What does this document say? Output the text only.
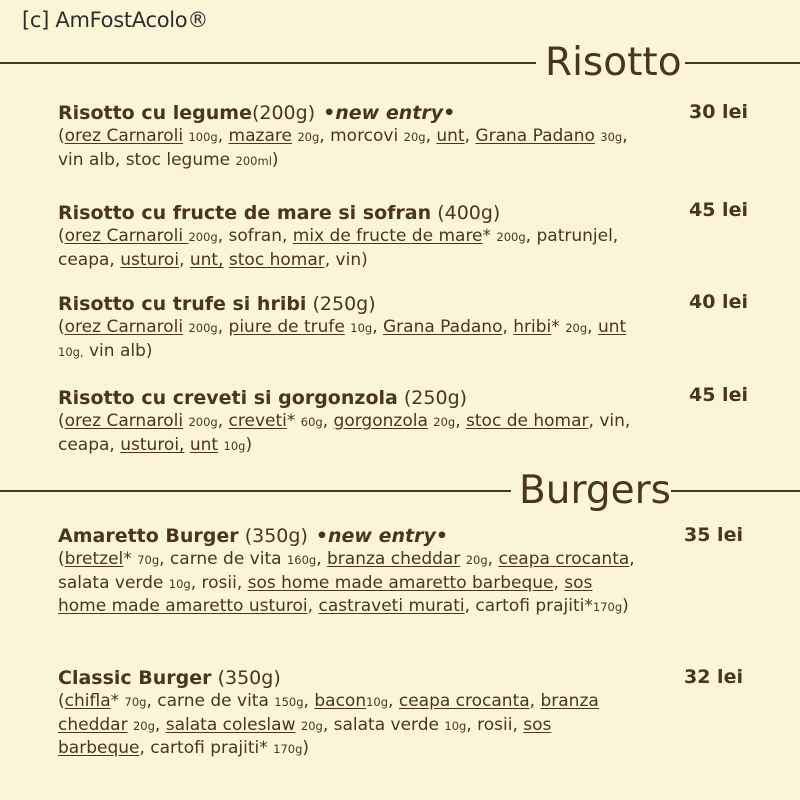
[c] AmFostAcolo®
Risotto
Risotto cu legume(200g) •new entry•
(orez Carnaroli 100g, mazare 20g, morcovi 20g, unt, Grana Padano 30g, vin alb, stoc legume 200ml)
30 lei
Risotto cu fructe de mare si sofran (400g)
(orez Carnaroli 200g, sofran, mix de fructe de mare* 200g, patrunjel, ceapa, usturoi, unt, stoc homar, vin)
45 lei
Risotto cu trufe si hribi (250g)
(orez Carnaroli 200g, piure de trufe 10g, Grana Padano, hribi* 20g, unt 10g, vin alb)
40 lei
Risotto cu creveti si gorgonzola (250g)
(orez Carnaroli 200g, creveti* 60g, gorgonzola 20g, stoc de homar, vin, ceapa, usturoi, unt 10g)
45 lei
Burgers
Amaretto Burger (350g) •new entry•
(bretzel* 70g, carne de vita 160g, branza cheddar 20g, ceapa crocanta, salata verde 10g, rosii, sos home made amaretto barbeque, sos home made amaretto usturoi, castraveti murati, cartofi prajiti*170g)
35 lei
Classic Burger (350g)
(chifla* 70g, carne de vita 150g, bacon10g, ceapa crocanta, branza cheddar 20g, salata coleslaw 20g, salata verde 10g, rosii, sos barbeque, cartofi prajiti* 170g)
32 lei
